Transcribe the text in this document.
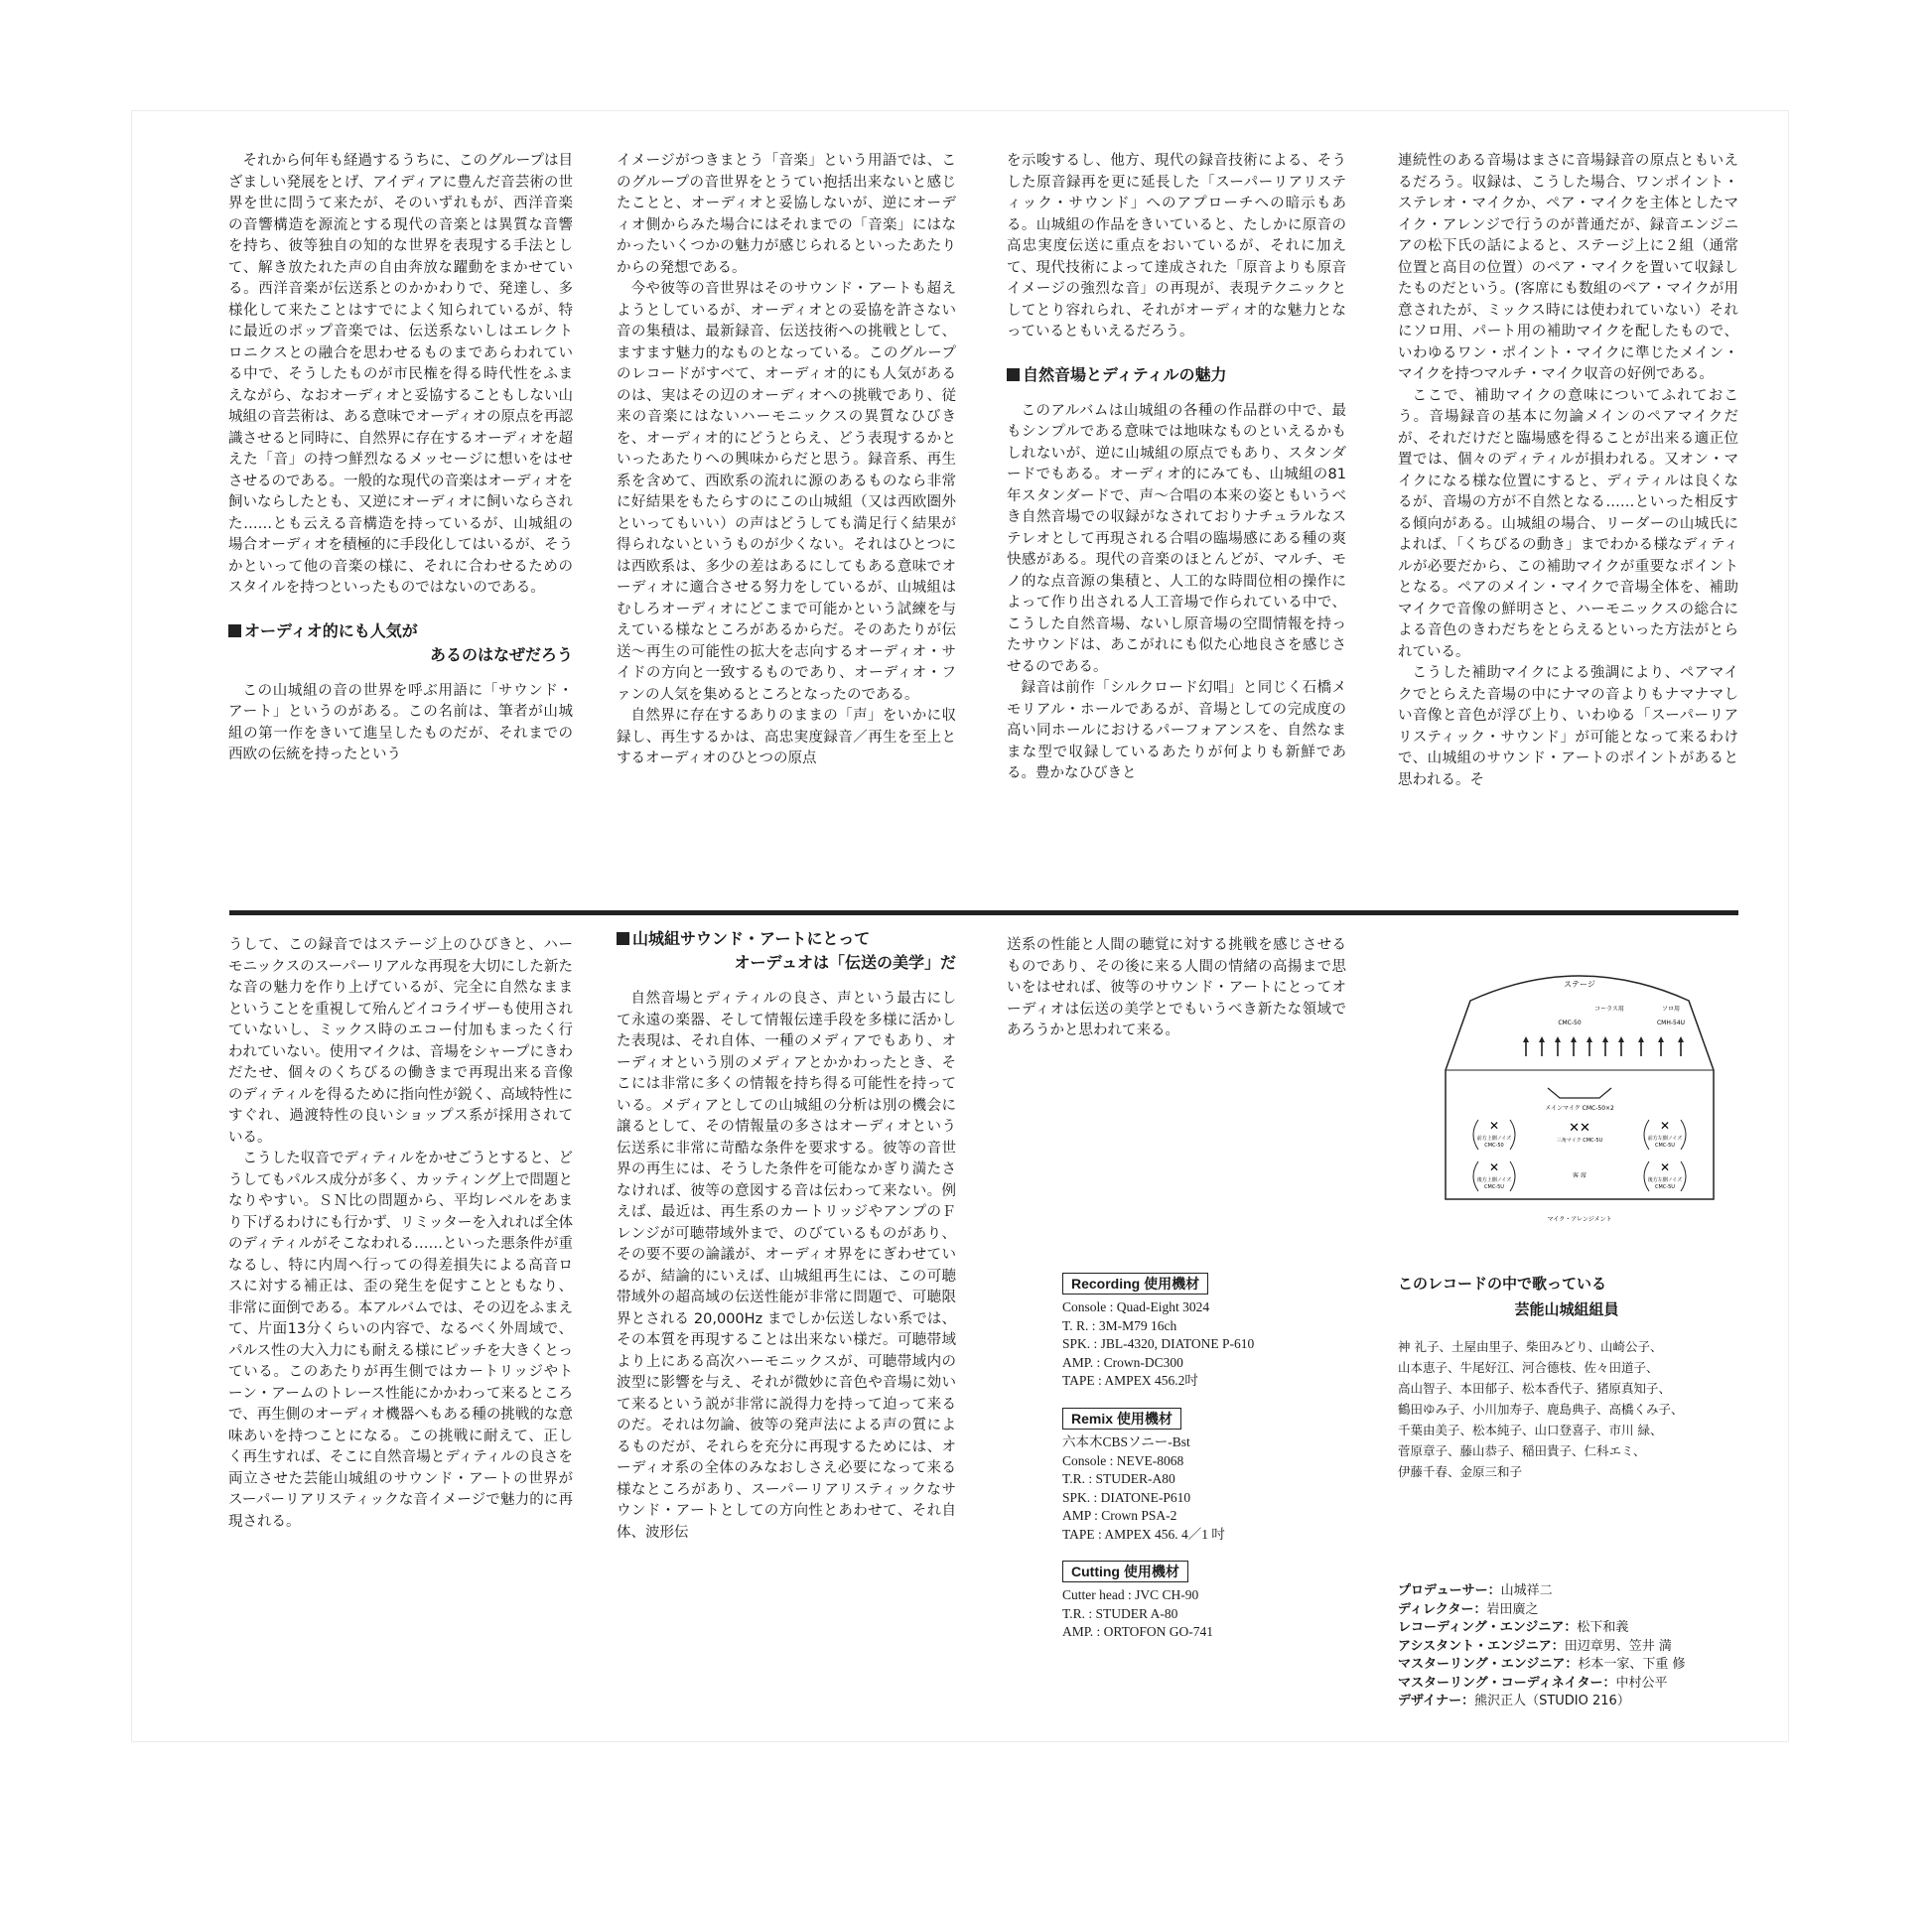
それから何年も経過するうちに、このグループは目ざましい発展をとげ、アイディアに豊んだ音芸術の世界を世に問うて来たが、そのいずれもが、西洋音楽の音響構造を源流とする現代の音楽とは異質な音響を持ち、彼等独自の知的な世界を表現する手法として、解き放たれた声の自由奔放な躍動をまかせている。西洋音楽が伝送系とのかかわりで、発達し、多様化して来たことはすでによく知られているが、特に最近のポップ音楽では、伝送系ないしはエレクトロニクスとの融合を思わせるものまであらわれている中で、そうしたものが市民権を得る時代性をふまえながら、なおオーディオと妥協することもしない山城組の音芸術は、ある意味でオーディオの原点を再認識させると同時に、自然界に存在するオーディオを超えた「音」の持つ鮮烈なるメッセージに想いをはせさせるのである。一般的な現代の音楽はオーディオを飼いならしたとも、又逆にオーディオに飼いならされた……とも云える音構造を持っているが、山城組の場合オーディオを積極的に手段化してはいるが、そうかといって他の音楽の様に、それに合わせるためのスタイルを持つといったものではないのである。

オーディオ的にも人気が
あるのはなぜだろう

この山城組の音の世界を呼ぶ用語に「サウンド・アート」というのがある。この名前は、筆者が山城組の第一作をきいて進呈したものだが、それまでの西欧の伝統を持ったという

イメージがつきまとう「音楽」という用語では、このグループの音世界をとうてい抱括出来ないと感じたことと、オーディオと妥協しないが、逆にオーディオ側からみた場合にはそれまでの「音楽」にはなかったいくつかの魅力が感じられるといったあたりからの発想である。

今や彼等の音世界はそのサウンド・アートも超えようとしているが、オーディオとの妥協を許さない音の集積は、最新録音、伝送技術への挑戦として、ますます魅力的なものとなっている。このグループのレコードがすべて、オーディオ的にも人気があるのは、実はその辺のオーディオへの挑戦であり、従来の音楽にはないハーモニックスの異質なひびきを、オーディオ的にどうとらえ、どう表現するかといったあたりへの興味からだと思う。録音系、再生系を含めて、西欧系の流れに源のあるものなら非常に好結果をもたらすのにこの山城組（又は西欧圏外といってもいい）の声はどうしても満足行く結果が得られないというものが少くない。それはひとつには西欧系は、多少の差はあるにしてもある意味でオーディオに適合させる努力をしているが、山城組はむしろオーディオにどこまで可能かという試練を与えている様なところがあるからだ。そのあたりが伝送～再生の可能性の拡大を志向するオーディオ・サイドの方向と一致するものであり、オーディオ・ファンの人気を集めるところとなったのである。

自然界に存在するありのままの「声」をいかに収録し、再生するかは、高忠実度録音／再生を至上とするオーディオのひとつの原点

を示唆するし、他方、現代の録音技術による、そうした原音録再を更に延長した「スーパーリアリスティック・サウンド」へのアプローチへの暗示もある。山城組の作品をきいていると、たしかに原音の高忠実度伝送に重点をおいているが、それに加えて、現代技術によって達成された「原音よりも原音イメージの強烈な音」の再現が、表現テクニックとしてとり容れられ、それがオーディオ的な魅力となっているともいえるだろう。

自然音場とディティルの魅力

このアルバムは山城組の各種の作品群の中で、最もシンプルである意味では地味なものといえるかもしれないが、逆に山城組の原点でもあり、スタンダードでもある。オーディオ的にみても、山城組の81年スタンダードで、声～合唱の本来の姿ともいうべき自然音場での収録がなされておりナチュラルなステレオとして再現される合唱の臨場感にある種の爽快感がある。現代の音楽のほとんどが、マルチ、モノ的な点音源の集積と、人工的な時間位相の操作によって作り出される人工音場で作られている中で、こうした自然音場、ないし原音場の空間情報を持ったサウンドは、あこがれにも似た心地良さを感じさせるのである。

録音は前作「シルクロード幻唱」と同じく石橋メモリアル・ホールであるが、音場としての完成度の高い同ホールにおけるパーフォアンスを、自然なままな型で収録しているあたりが何よりも新鮮である。豊かなひびきと

連続性のある音場はまさに音場録音の原点ともいえるだろう。収録は、こうした場合、ワンポイント・ステレオ・マイクか、ペア・マイクを主体としたマイク・アレンジで行うのが普通だが、録音エンジニアの松下氏の話によると、ステージ上に２組（通常位置と高目の位置）のペア・マイクを置いて収録したものだという。(客席にも数組のペア・マイクが用意されたが、ミックス時には使われていない）それにソロ用、パート用の補助マイクを配したもので、いわゆるワン・ポイント・マイクに準じたメイン・マイクを持つマルチ・マイク収音の好例である。

ここで、補助マイクの意味についてふれておこう。音場録音の基本に勿論メインのペアマイクだが、それだけだと臨場感を得ることが出来る適正位置では、個々のディティルが損われる。又オン・マイクになる様な位置にすると、ディティルは良くなるが、音場の方が不自然となる……といった相反する傾向がある。山城組の場合、リーダーの山城氏によれば､「くちびるの動き」までわかる様なディティルが必要だから、この補助マイクが重要なポイントとなる。ペアのメイン・マイクで音場全体を、補助マイクで音像の鮮明さと、ハーモニックスの総合による音色のきわだちをとらえるといった方法がとられている。

こうした補助マイクによる強調により、ペアマイクでとらえた音場の中にナマの音よりもナマナマしい音像と音色が浮び上り、いわゆる「スーパーリアリスティック・サウンド」が可能となって来るわけで、山城組のサウンド・アートのポイントがあると思われる。そ

うして、この録音ではステージ上のひびきと、ハーモニックスのスーパーリアルな再現を大切にした新たな音の魅力を作り上げているが、完全に自然なままということを重視して殆んどイコライザーも使用されていないし、ミックス時のエコー付加もまったく行われていない。使用マイクは、音場をシャープにきわだたせ、個々のくちびるの働きまで再現出来る音像のディティルを得るために指向性が鋭く、高域特性にすぐれ、過渡特性の良いショップス系が採用されている。

こうした収音でディティルをかせごうとすると、どうしてもパルス成分が多く、カッティング上で問題となりやすい。ＳＮ比の問題から、平均レベルをあまり下げるわけにも行かず、リミッターを入れれば全体のディティルがそこなわれる……といった悪条件が重なるし、特に内周へ行っての得差損失による高音ロスに対する補正は、歪の発生を促すことともなり、非常に面倒である。本アルバムでは、その辺をふまえて、片面13分くらいの内容で、なるべく外周域で、パルス性の大入力にも耐える様にピッチを大きくとっている。このあたりが再生側ではカートリッジやトーン・アームのトレース性能にかかわって来るところで、再生側のオーディオ機器へもある種の挑戦的な意味あいを持つことになる。この挑戦に耐えて、正しく再生すれば、そこに自然音場とディティルの良さを両立させた芸能山城組のサウンド・アートの世界がスーパーリアリスティックな音イメージで魅力的に再現される。

山城組サウンド・アートにとって
オーデュオは「伝送の美学」だ

自然音場とディティルの良さ、声という最古にして永遠の楽器、そして情報伝達手段を多様に活かした表現は、それ自体、一種のメディアでもあり、オーディオという別のメディアとかかわったとき、そこには非常に多くの情報を持ち得る可能性を持っている。メディアとしての山城組の分析は別の機会に譲るとして、その情報量の多さはオーディオという伝送系に非常に苛酷な条件を要求する。彼等の音世界の再生には、そうした条件を可能なかぎり満たさなければ、彼等の意図する音は伝わって来ない。例えば、最近は、再生系のカートリッジやアンプのＦレンジが可聴帯域外まで、のびているものがあり、その要不要の論議が、オーディオ界をにぎわせているが、結論的にいえば、山城組再生には、この可聴帯域外の超高域の伝送性能が非常に問題で、可聴限界とされる 20,000Hz までしか伝送しない系では、その本質を再現することは出来ない様だ。可聴帯域より上にある高次ハーモニックスが、可聴帯域内の波型に影響を与え、それが微妙に音色や音場に効いて来るという説が非常に説得力を持って迫って来るのだ。それは勿論、彼等の発声法による声の質によるものだが、それらを充分に再現するためには、オーディオ系の全体のみなおしさえ必要になって来る様なところがあり、スーパーリアリスティックなサウンド・アートとしての方向性とあわせて、それ自体、波形伝

送系の性能と人間の聴覚に対する挑戦を感じさせるものであり、その後に来る人間の情緒の高揚まで思いをはせれば、彼等のサウンド・アートにとってオーディオは伝送の美学とでもいうべき新たな領域であろうかと思われて来る。

ステージ
コーラス用	ソロ用
CMC-50	CMH-54U
メインマイク CMC-50×2
✕
前方上側ノイズ
CMC-50
✕✕
三角マイク CMC-5U
✕
前方左側ノイズ
CMC-5U
✕
後方上側ノイズ
CMC-5U
客 席
✕
後方左側ノイズ
CMC-5U
マイク・アレンジメント
Recording 使用機材
Console : Quad-Eight 3024
T. R. : 3M-M79 16ch
SPK. : JBL-4320, DIATONE P-610
AMP. : Crown-DC300
TAPE : AMPEX 456.2吋
Remix 使用機材
六本木CBSソニー-Bst
Console : NEVE-8068
T.R. : STUDER-A80
SPK. : DIATONE-P610
AMP : Crown PSA-2
TAPE : AMPEX 456. 4／1 吋
Cutting 使用機材
Cutter head : JVC CH-90
T.R. : STUDER A-80
AMP. : ORTOFON GO-741
このレコードの中で歌っている
芸能山城組組員
神 礼子、土屋由里子、柴田みどり、山崎公子、
山本恵子、牛尾好江、河合德枝、佐々田道子、
高山智子、本田郁子、松本香代子、猪原真知子、
鶴田ゆみ子、小川加寿子、鹿島典子、高橋くみ子、
千葉由美子、松本純子、山口登喜子、市川 緑、
菅原章子、藤山恭子、稲田貴子、仁科エミ、
伊藤千春、金原三和子
プロデューサー：山城祥二
ディレクター：岩田廣之
レコーディング・エンジニア：松下和義
アシスタント・エンジニア：田辺章男、笠井 満
マスターリング・エンジニア：杉本一家、下重 修
マスターリング・コーディネイター：中村公平
デザイナー：熊沢正人（STUDIO 216）
